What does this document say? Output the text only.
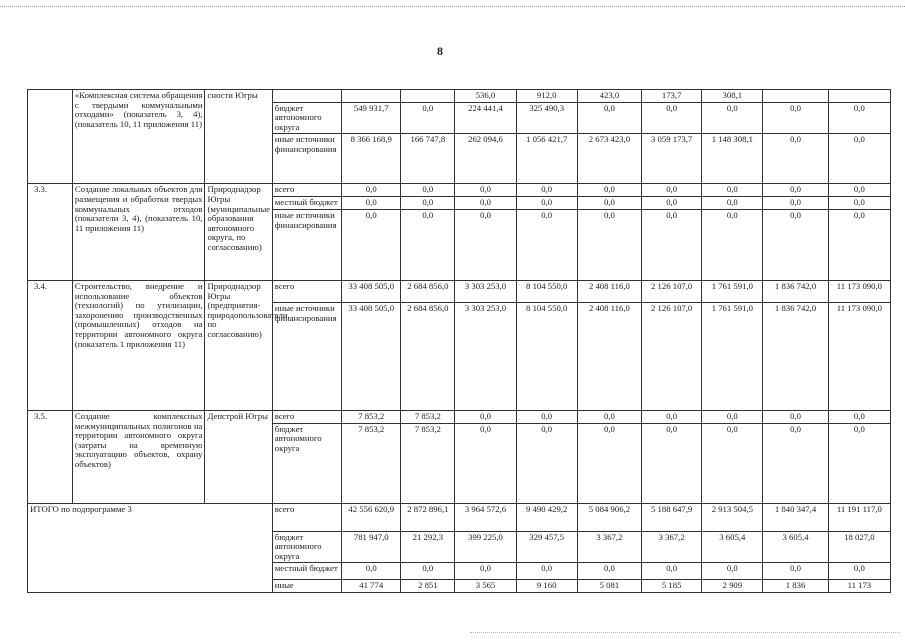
8
	«Комплексная система обращения с твердыми коммунальными отходами» (показатель 3, 4), (показатель 10, 11 приложения 11)	сности Югры				536,0	912,0	423,0	173,7	308,1		
			бюджет автономного округа	549 931,7	0,0	224 441,4	325 490,3	0,0	0,0	0,0	0,0	0,0
			иные источники финансирования	8 366 168,9	166 747,8	262 094,6	1 056 421,7	2 673 423,0	3 059 173,7	1 148 308,1	0,0	0,0
3.3.	Создание локальных объектов для размещения и обработки твердых коммунальных отходов (показатели 3, 4), (показатель 10, 11 приложения 11)	Природнадзор Югры (муниципальные образования автономного округа, по согласованию)	всего	0,0	0,0	0,0	0,0	0,0	0,0	0,0	0,0	0,0
			местный бюджет	0,0	0,0	0,0	0,0	0,0	0,0	0,0	0,0	0,0
			иные источники финансирования	0,0	0,0	0,0	0,0	0,0	0,0	0,0	0,0	0,0
3.4.	Строительство, внедрение и использование объектов (технологий) по утилизации, захоронению производственных (промышленных) отходов на территории автономного округа (показатель 1 приложения 11)	Природнадзор Югры (предприятия-природопользователи, по согласованию)	всего	33 408 505,0	2 684 856,0	3 303 253,0	8 104 550,0	2 408 116,0	2 126 107,0	1 761 591,0	1 836 742,0	11 173 090,0
			иные источники финансирования	33 408 505,0	2 684 856,0	3 303 253,0	8 104 550,0	2 408 116,0	2 126 107,0	1 761 591,0	1 836 742,0	11 173 090,0
3.5.	Создание комплексных межмуниципальных полигонов на территории автономного округа (затраты на временную эксплуатацию объектов, охрану объектов)	Депстрой Югры	всего	7 853,2	7 853,2	0,0	0,0	0,0	0,0	0,0	0,0	0,0
			бюджет автономного округа	7 853,2	7 853,2	0,0	0,0	0,0	0,0	0,0	0,0	0,0
ИТОГО по подпрограмме 3			всего	42 556 620,9	2 872 896,1	3 964 572,6	9 490 429,2	5 084 906,2	5 188 647,9	2 913 504,5	1 840 347,4	11 191 117,0
			бюджет автономного округа	781 947,0	21 292,3	399 225,0	329 457,5	3 367,2	3 367,2	3 605,4	3 605,4	18 027,0
			местный бюджет	0,0	0,0	0,0	0,0	0,0	0,0	0,0	0,0	0,0
			иные	41 774	2 851	3 565	9 160	5 081	5 185	2 909	1 836	11 173
